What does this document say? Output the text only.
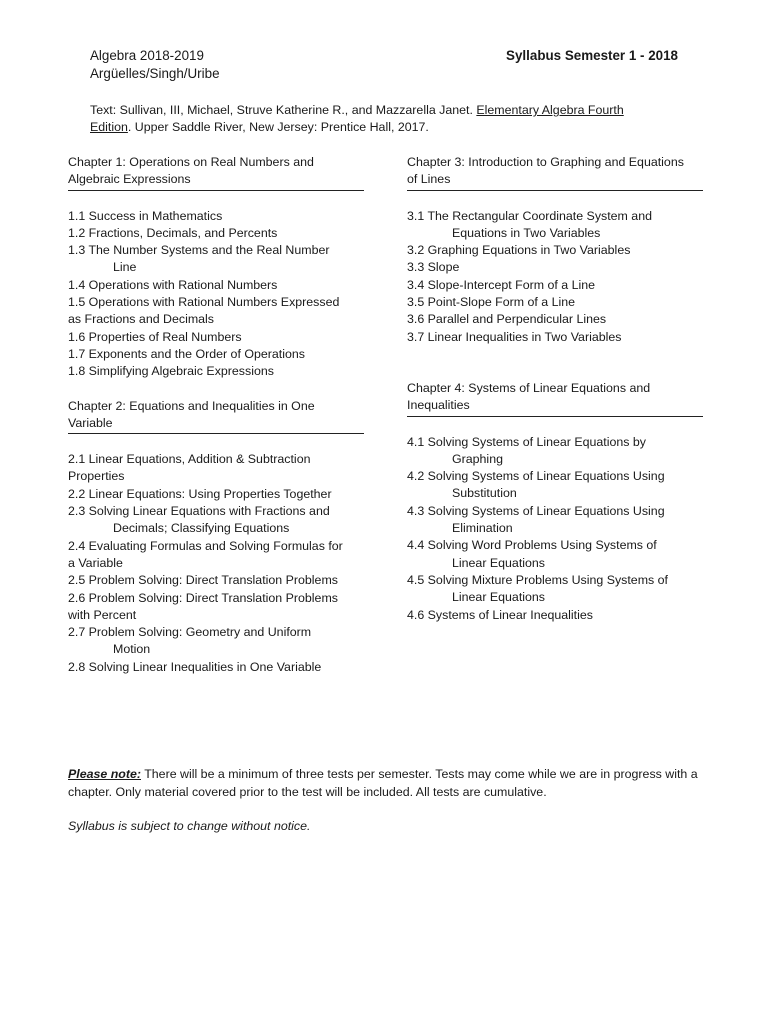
Algebra 2018-2019
Argüelles/Singh/Uribe
Syllabus Semester 1 - 2018
Text: Sullivan, III, Michael, Struve Katherine R., and Mazzarella Janet. Elementary Algebra Fourth
Edition. Upper Saddle River, New Jersey: Prentice Hall, 2017.
Chapter 1: Operations on Real Numbers and
Algebraic Expressions
1.1 Success in Mathematics
1.2 Fractions, Decimals, and Percents
1.3 The Number Systems and the Real Number
Line
1.4 Operations with Rational Numbers
1.5 Operations with Rational Numbers Expressed
as Fractions and Decimals
1.6 Properties of Real Numbers
1.7 Exponents and the Order of Operations
1.8 Simplifying Algebraic Expressions
Chapter 2: Equations and Inequalities in One
Variable
2.1 Linear Equations, Addition & Subtraction
Properties
2.2 Linear Equations: Using Properties Together
2.3 Solving Linear Equations with Fractions and
Decimals; Classifying Equations
2.4 Evaluating Formulas and Solving Formulas for
a Variable
2.5 Problem Solving: Direct Translation Problems
2.6 Problem Solving: Direct Translation Problems
with Percent
2.7 Problem Solving: Geometry and Uniform
Motion
2.8 Solving Linear Inequalities in One Variable
Chapter 3: Introduction to Graphing and Equations
of Lines
3.1 The Rectangular Coordinate System and
Equations in Two Variables
3.2 Graphing Equations in Two Variables
3.3 Slope
3.4 Slope-Intercept Form of a Line
3.5 Point-Slope Form of a Line
3.6 Parallel and Perpendicular Lines
3.7 Linear Inequalities in Two Variables
Chapter 4: Systems of Linear Equations and
Inequalities
4.1 Solving Systems of Linear Equations by
Graphing
4.2 Solving Systems of Linear Equations Using
Substitution
4.3 Solving Systems of Linear Equations Using
Elimination
4.4 Solving Word Problems Using Systems of
Linear Equations
4.5 Solving Mixture Problems Using Systems of
Linear Equations
4.6 Systems of Linear Inequalities
Please note: There will be a minimum of three tests per semester. Tests may come while we are in progress with a chapter. Only material covered prior to the test will be included. All tests are cumulative.
Syllabus is subject to change without notice.
